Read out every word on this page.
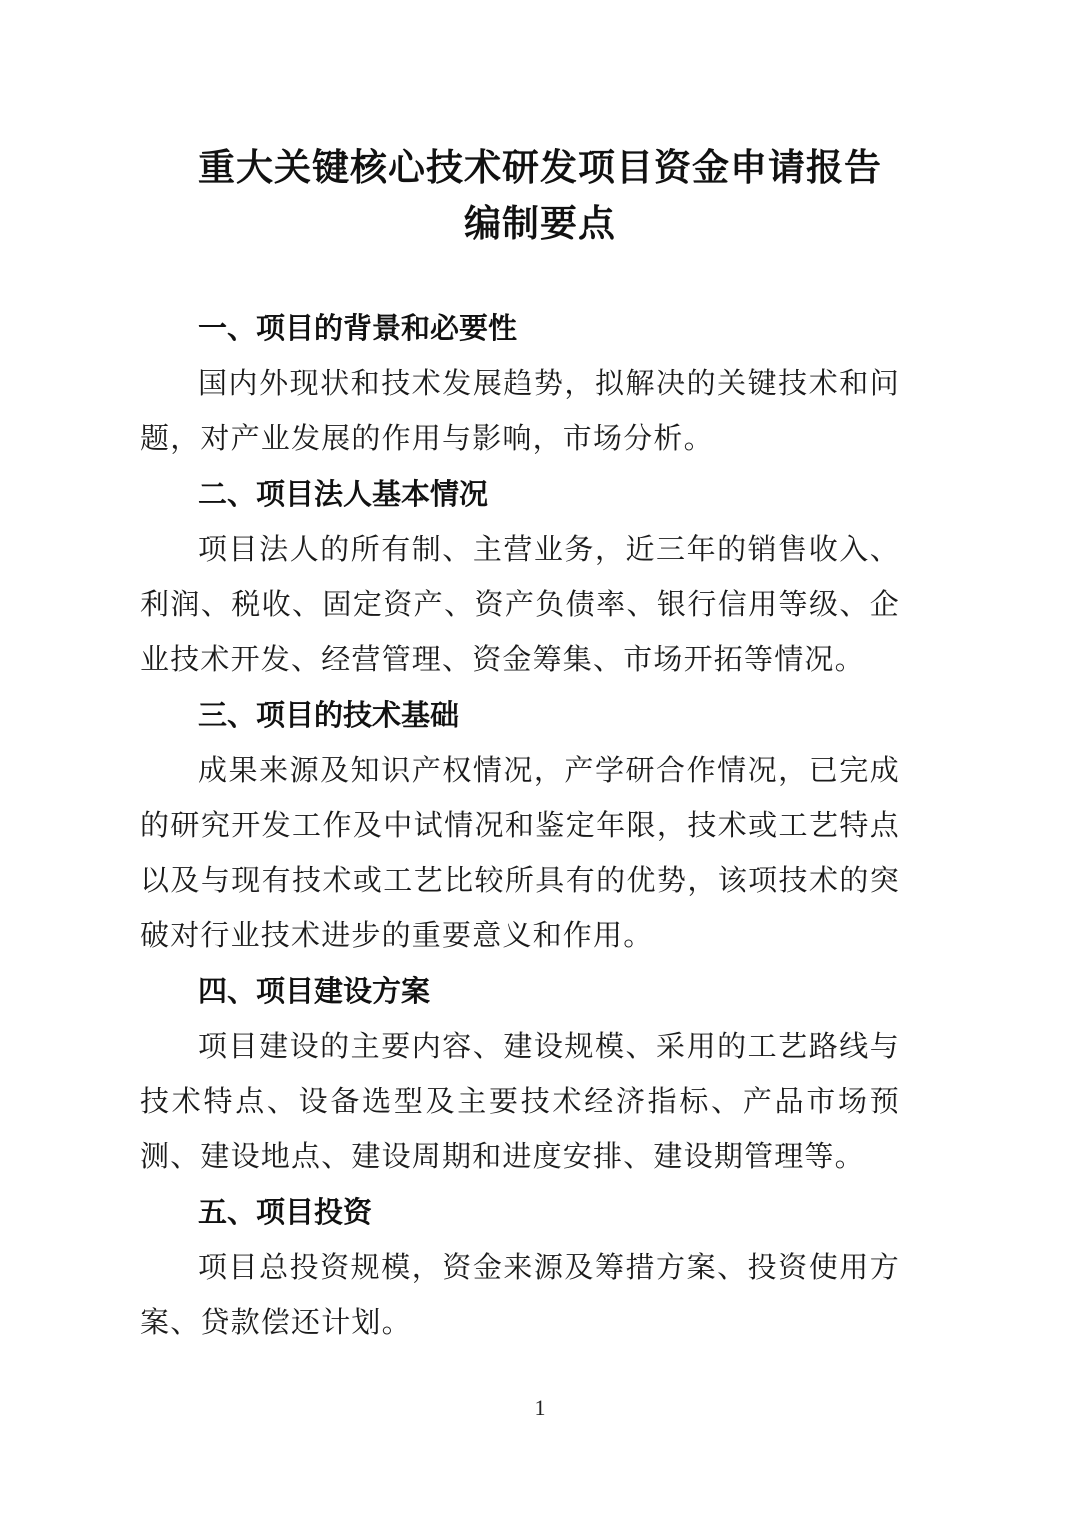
重大关键核心技术研发项目资金申请报告
编制要点

一、项目的背景和必要性

国内外现状和技术发展趋势，拟解决的关键技术和问题，对产业发展的作用与影响，市场分析。

二、项目法人基本情况

项目法人的所有制、主营业务，近三年的销售收入、利润、税收、固定资产、资产负债率、银行信用等级、企业技术开发、经营管理、资金筹集、市场开拓等情况。

三、项目的技术基础

成果来源及知识产权情况，产学研合作情况，已完成的研究开发工作及中试情况和鉴定年限，技术或工艺特点以及与现有技术或工艺比较所具有的优势，该项技术的突破对行业技术进步的重要意义和作用。

四、项目建设方案

项目建设的主要内容、建设规模、采用的工艺路线与技术特点、设备选型及主要技术经济指标、产品市场预测、建设地点、建设周期和进度安排、建设期管理等。

五、项目投资

项目总投资规模，资金来源及筹措方案、投资使用方案、贷款偿还计划。

1
